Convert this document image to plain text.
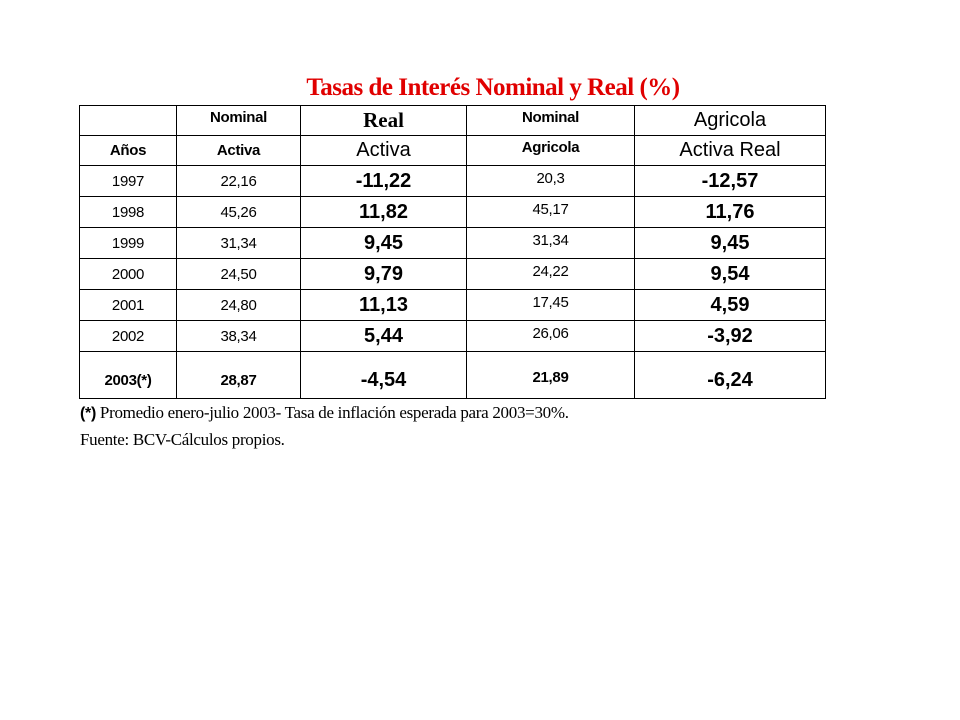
Tasas de Interés Nominal y Real (%)
	Nominal	Real	Nominal	Agricola
Años	Activa	Activa	Agricola	Activa Real
1997	22,16	-11,22	20,3	-12,57
1998	45,26	11,82	45,17	11,76
1999	31,34	9,45	31,34	9,45
2000	24,50	9,79	24,22	9,54
2001	24,80	11,13	17,45	4,59
2002	38,34	5,44	26,06	-3,92
2003(*)	28,87	-4,54	21,89	-6,24
(*) Promedio enero-julio 2003- Tasa de inflación esperada para 2003=30%.
Fuente: BCV-Cálculos propios.
